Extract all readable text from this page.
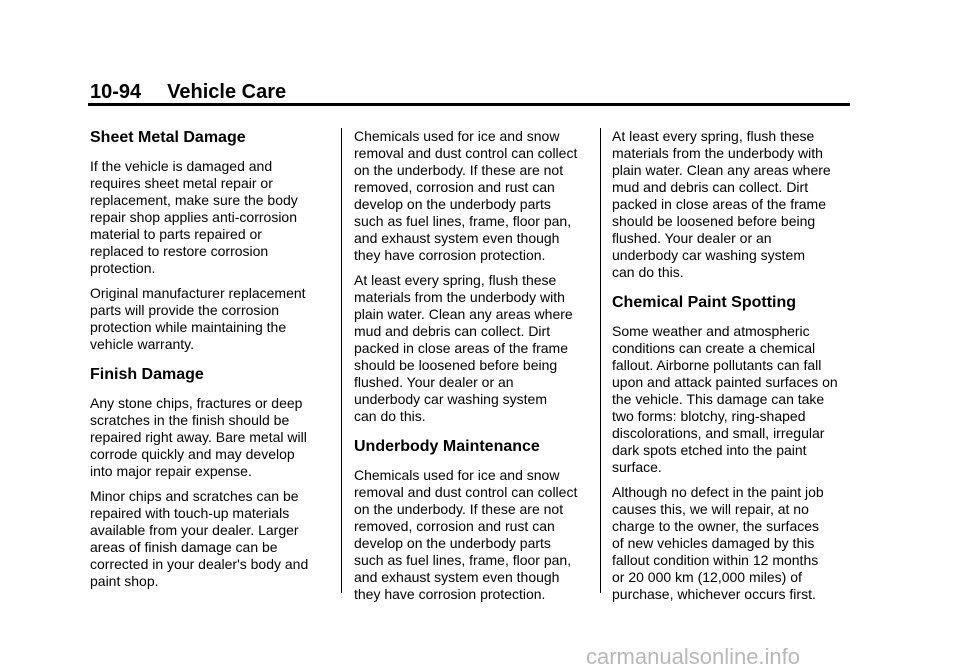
10-94 Vehicle Care
Sheet Metal Damage

If the vehicle is damaged and
requires sheet metal repair or
replacement, make sure the body
repair shop applies anti-corrosion
material to parts repaired or
replaced to restore corrosion
protection.

Original manufacturer replacement
parts will provide the corrosion
protection while maintaining the
vehicle warranty.

Finish Damage

Any stone chips, fractures or deep
scratches in the finish should be
repaired right away. Bare metal will
corrode quickly and may develop
into major repair expense.

Minor chips and scratches can be
repaired with touch-up materials
available from your dealer. Larger
areas of finish damage can be
corrected in your dealer's body and
paint shop.

Chemicals used for ice and snow
removal and dust control can collect
on the underbody. If these are not
removed, corrosion and rust can
develop on the underbody parts
such as fuel lines, frame, floor pan,
and exhaust system even though
they have corrosion protection.

At least every spring, flush these
materials from the underbody with
plain water. Clean any areas where
mud and debris can collect. Dirt
packed in close areas of the frame
should be loosened before being
flushed. Your dealer or an
underbody car washing system
can do this.

Underbody Maintenance

Chemicals used for ice and snow
removal and dust control can collect
on the underbody. If these are not
removed, corrosion and rust can
develop on the underbody parts
such as fuel lines, frame, floor pan,
and exhaust system even though
they have corrosion protection.

At least every spring, flush these
materials from the underbody with
plain water. Clean any areas where
mud and debris can collect. Dirt
packed in close areas of the frame
should be loosened before being
flushed. Your dealer or an
underbody car washing system
can do this.

Chemical Paint Spotting

Some weather and atmospheric
conditions can create a chemical
fallout. Airborne pollutants can fall
upon and attack painted surfaces on
the vehicle. This damage can take
two forms: blotchy, ring-shaped
discolorations, and small, irregular
dark spots etched into the paint
surface.

Although no defect in the paint job
causes this, we will repair, at no
charge to the owner, the surfaces
of new vehicles damaged by this
fallout condition within 12 months
or 20 000 km (12,000 miles) of
purchase, whichever occurs first.

carmanualsonline.info
